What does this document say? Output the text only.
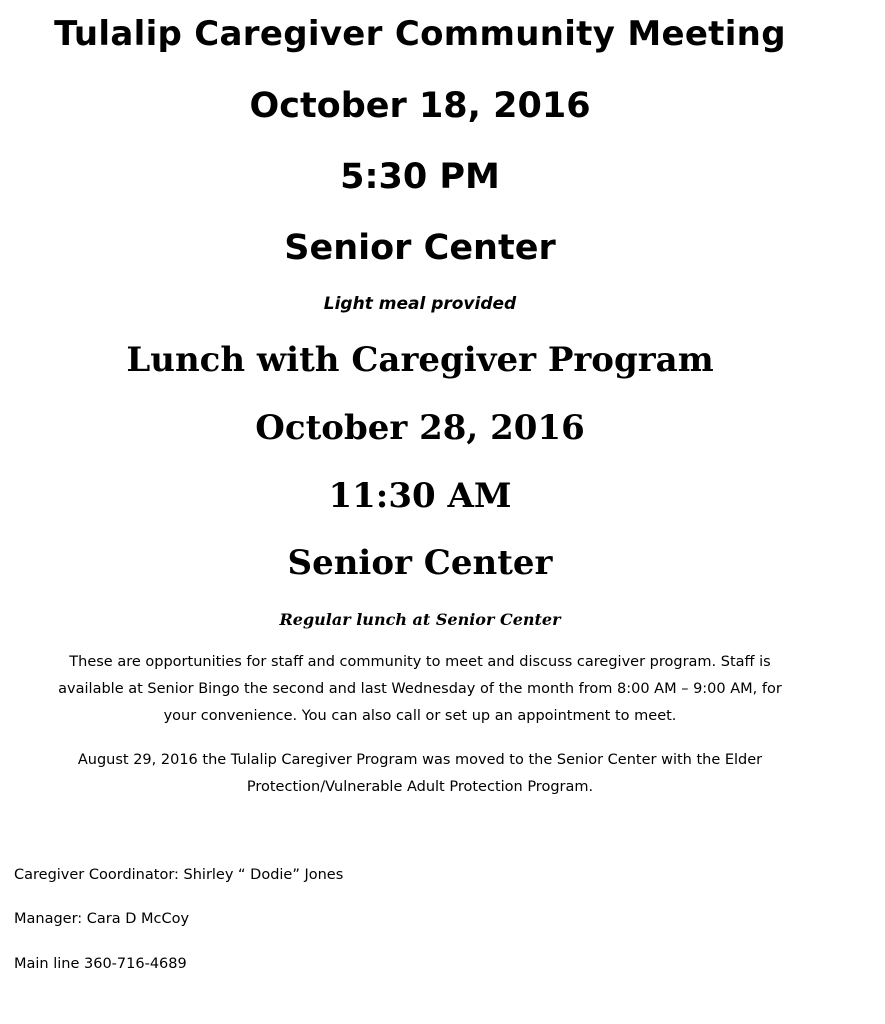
Tulalip Caregiver Community Meeting

October 18, 2016

5:30 PM

Senior Center

Light meal provided

Lunch with Caregiver Program

October 28, 2016

11:30 AM

Senior Center

Regular lunch at Senior Center

These are opportunities for staff and community to meet and discuss caregiver program. Staff is
available at Senior Bingo the second and last Wednesday of the month from 8:00 AM – 9:00 AM, for
your convenience. You can also call or set up an appointment to meet.
August 29, 2016 the Tulalip Caregiver Program was moved to the Senior Center with the Elder
Protection/Vulnerable Adult Protection Program.

Caregiver Coordinator: Shirley “ Dodie” Jones

Manager: Cara D McCoy

Main line 360-716-4689
